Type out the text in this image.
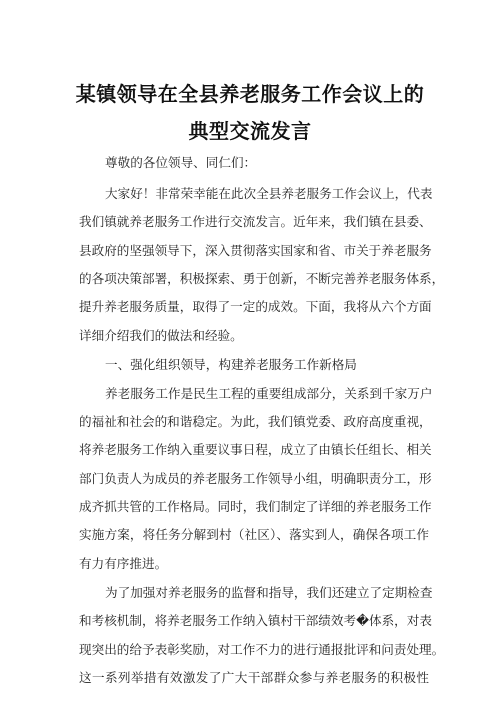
某镇领导在全县养老服务工作会议上的
典型交流发言
尊敬的各位领导、同仁们：
大家好！非常荣幸能在此次全县养老服务工作会议上，代表
我们镇就养老服务工作进行交流发言。近年来，我们镇在县委、
县政府的坚强领导下，深入贯彻落实国家和省、市关于养老服务
的各项决策部署，积极探索、勇于创新，不断完善养老服务体系，
提升养老服务质量，取得了一定的成效。下面，我将从六个方面
详细介绍我们的做法和经验。
一、强化组织领导，构建养老服务工作新格局
养老服务工作是民生工程的重要组成部分，关系到千家万户
的福祉和社会的和谐稳定。为此，我们镇党委、政府高度重视，
将养老服务工作纳入重要议事日程，成立了由镇长任组长、相关
部门负责人为成员的养老服务工作领导小组，明确职责分工，形
成齐抓共管的工作格局。同时，我们制定了详细的养老服务工作
实施方案，将任务分解到村（社区）、落实到人，确保各项工作
有力有序推进。
为了加强对养老服务的监督和指导，我们还建立了定期检查
和考核机制，将养老服务工作纳入镇村干部绩效考�体系，对表
现突出的给予表彰奖励，对工作不力的进行通报批评和问责处理。
这一系列举措有效激发了广大干部群众参与养老服务的积极性
